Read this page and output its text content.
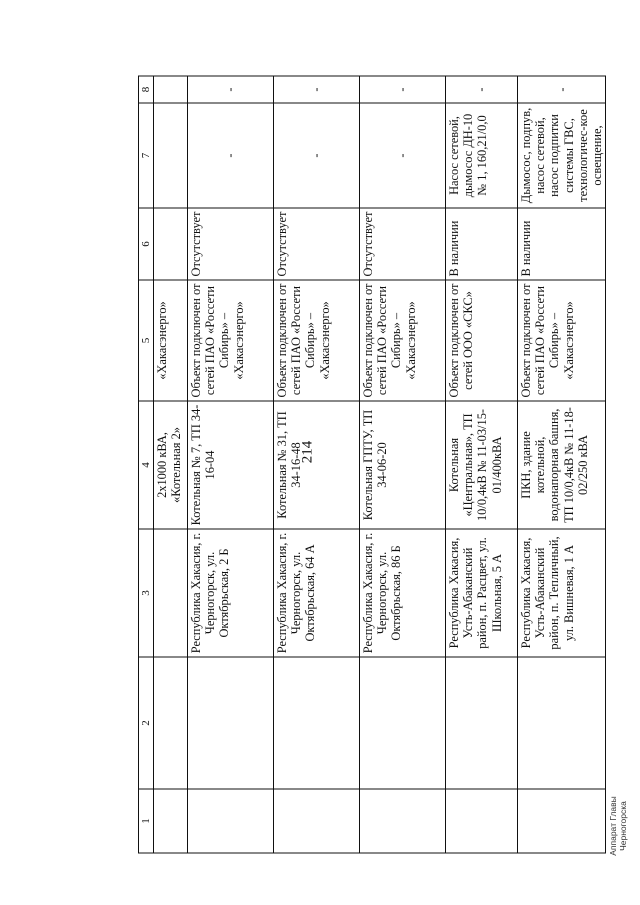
214
Аппарат Главы Черногорска
1	2	3	4	5	6	7	8
			2х1000 кВА, «Котельная 2»	«Хакасэнерго»			
		Республика Хакасия, г. Черногорск, ул. Октябрьская, 2 Б	Котельная № 7, ТП 34-16-04	Объект подключен от сетей ПАО «Россети Сибирь» – «Хакасэнерго»	Отсутствует	-	-
		Республика Хакасия, г. Черногорск, ул. Октябрьская, 64 А	Котельная № 31, ТП 34-16-48	Объект подключен от сетей ПАО «Россети Сибирь» – «Хакасэнерго»	Отсутствует	-	-
		Республика Хакасия, г. Черногорск, ул. Октябрьская, 86 Б	Котельная ГПТУ, ТП 34-06-20	Объект подключен от сетей ПАО «Россети Сибирь» – «Хакасэнерго»	Отсутствует	-	-
		Республика Хакасия, Усть-Абаканский район, п. Расцвет, ул. Школьная, 5 А	Котельная «Центральная», ТП 10/0,4кВ № 11-03/15-01/400кВА	Объект подключен от сетей ООО «СКС»	В наличии	Насос сетевой, дымосос ДН-10 № 1, 160,21/0,0	-
		Республика Хакасия, Усть-Абаканский район, п. Тепличный, ул. Вишневая, 1 А	ПКН, здание котельной, водонапорная башня, ТП 10/0,4кВ № 11-18-02/250 кВА	Объект подключен от сетей ПАО «Россети Сибирь» – «Хакасэнерго»	В наличии	Дымосос, подпув, насос сетевой, насос подпитки системы ГВС, технологичес-кое освещение,	-
